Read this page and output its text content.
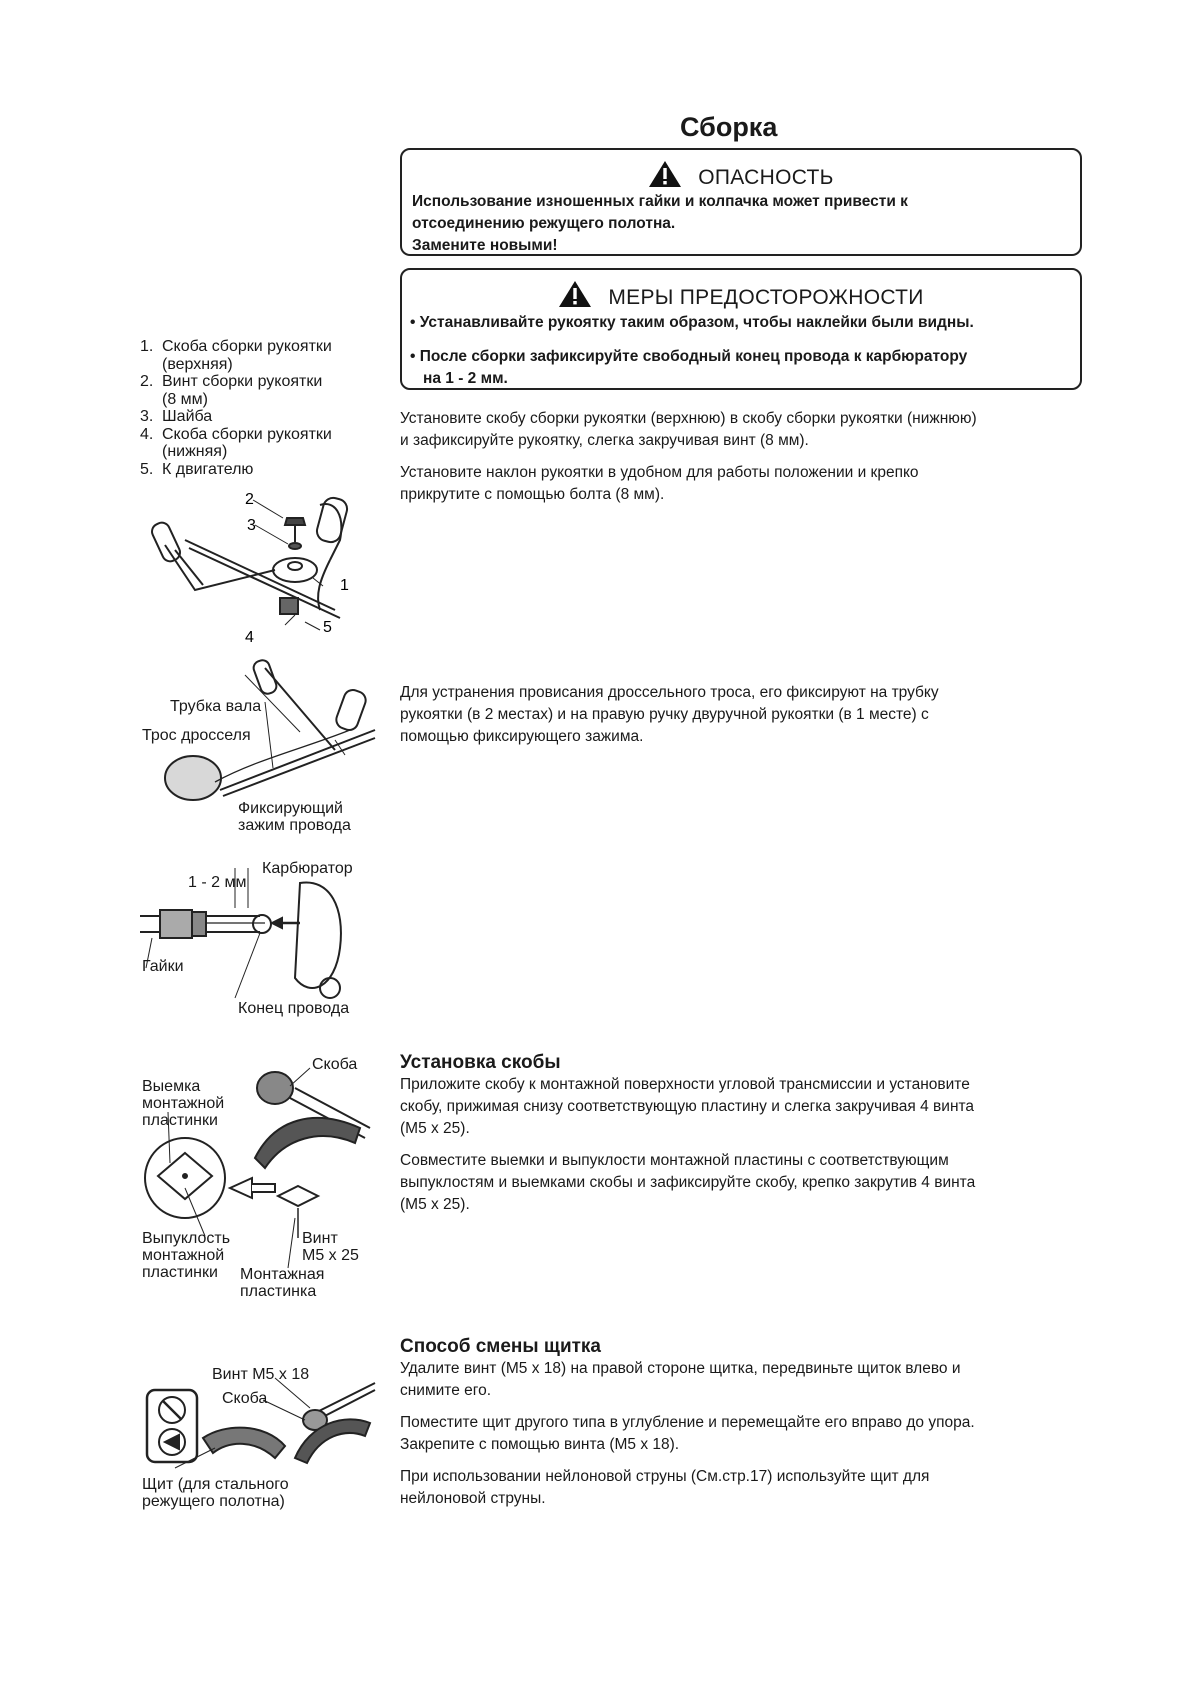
Сборка
ОПАСНОСТЬ
Использование изношенных гайки и колпачка может привести к
отсоединению режущего полотна.
Замените новыми!
МЕРЫ ПРЕДОСТОРОЖНОСТИ
• Устанавливайте рукоятку таким образом, чтобы наклейки были видны.
• После сборки зафиксируйте свободный конец провода к карбюратору
на 1 - 2 мм.
1. Скоба сборки рукоятки
(верхняя)
2. Винт сборки рукоятки
(8 мм)
3. Шайба
4. Скоба сборки рукоятки
(нижняя)
5. К двигателю

Установите скобу сборки рукоятки (верхнюю) в скобу сборки рукоятки (нижнюю)

и зафиксируйте рукоятку, слегка закручивая винт (8 мм).

Установите наклон рукоятки в удобном для работы положении и крепко

прикрутите с помощью болта (8 мм).

2
3
1
4
5

Для устранения провисания дроссельного троса, его фиксируют на трубку

рукоятки (в 2 местах) и на правую ручку двуручной рукоятки (в 1 месте) с

помощью фиксирующего зажима.

Трубка вала
Трос дросселя
Фиксирующий
зажим провода
1 - 2 мм
Карбюратор
Гайки
Конец провода
Установка скобы

Приложите скобу к монтажной поверхности угловой трансмиссии и установите

скобу, прижимая снизу соответствующую пластину и слегка закручивая 4 винта

(M5 x 25).

Совместите выемки и выпуклости монтажной пластины с соответствующим

выпуклостям и выемками скобы и зафиксируйте скобу, крепко закрутив 4 винта

(M5 x 25).

Скоба
Выемка
монтажной
пластинки
Выпуклость
монтажной
пластинки
Винт
M5 x 25
Монтажная
пластинка
Способ смены щитка

Удалите винт (M5 x 18) на правой стороне щитка, передвиньте щиток влево и

снимите его.

Поместите щит другого типа в углубление и перемещайте его вправо до упора.

Закрепите с помощью винта (M5 x 18).

При использовании нейлоновой струны (См.стр.17) используйте щит для

нейлоновой струны.

Винт M5 x 18
Скоба
Щит (для стального
режущего полотна)
